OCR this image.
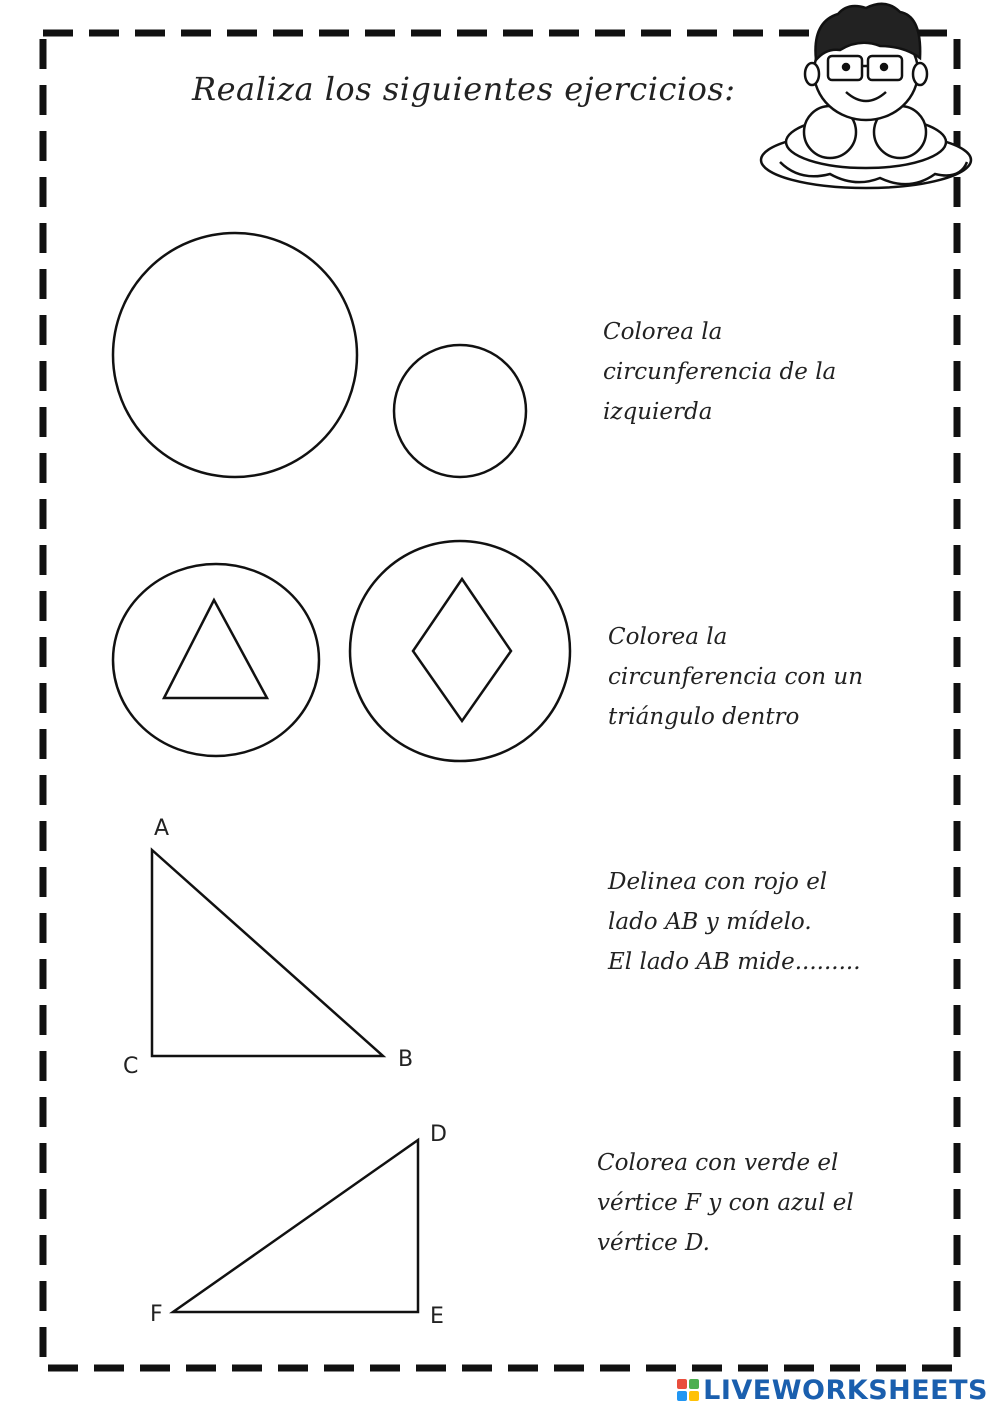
Realiza los siguientes ejercicios:
Colorea la
circunferencia de la
izquierda
Colorea la
circunferencia con un
triángulo dentro
Delinea con rojo el
lado AB y mídelo.
El lado AB mide.........
Colorea con verde el
vértice F y con azul el
vértice D.
A
B
C
D
E
F
LIVEWORKSHEETS
